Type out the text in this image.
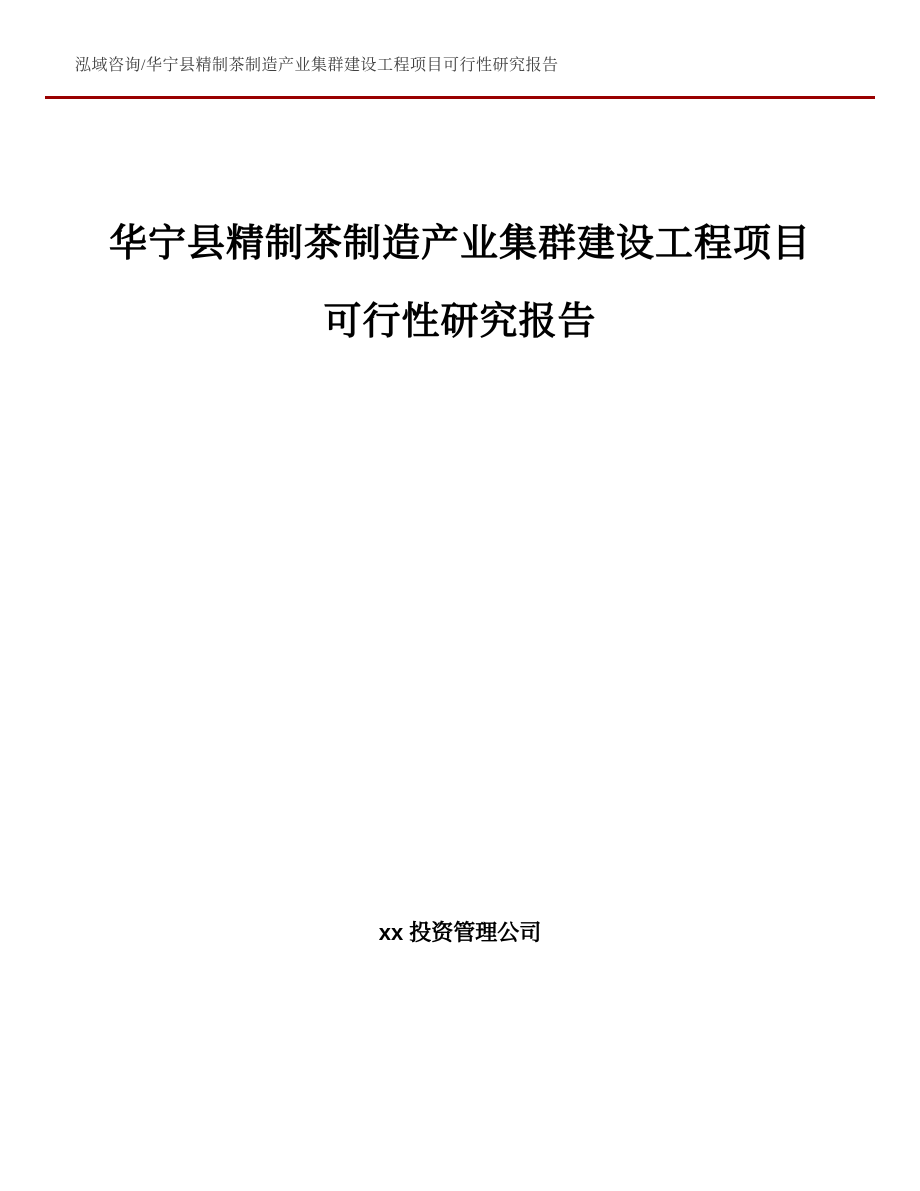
泓域咨询/华宁县精制茶制造产业集群建设工程项目可行性研究报告
华宁县精制茶制造产业集群建设工程项目
可行性研究报告
xx 投资管理公司
